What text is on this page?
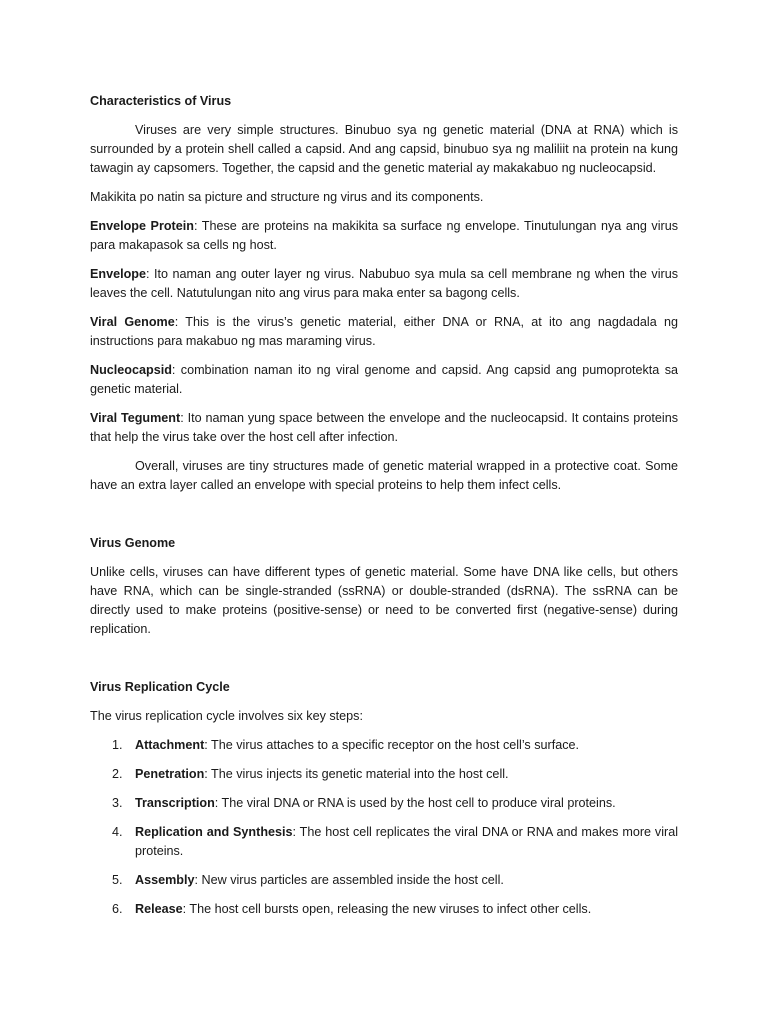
Characteristics of Virus

Viruses are very simple structures. Binubuo sya ng genetic material (DNA at RNA) which is surrounded by a protein shell called a capsid. And ang capsid, binubuo sya ng maliliit na protein na kung tawagin ay capsomers. Together, the capsid and the genetic material ay makakabuo ng nucleocapsid.

Makikita po natin sa picture and structure ng virus and its components.

Envelope Protein: These are proteins na makikita sa surface ng envelope. Tinutulungan nya ang virus para makapasok sa cells ng host.

Envelope: Ito naman ang outer layer ng virus. Nabubuo sya mula sa cell membrane ng when the virus leaves the cell. Natutulungan nito ang virus para maka enter sa bagong cells.

Viral Genome: This is the virus’s genetic material, either DNA or RNA, at ito ang nagdadala ng instructions para makabuo ng mas maraming virus.

Nucleocapsid: combination naman ito ng viral genome and capsid. Ang capsid ang pumoprotekta sa genetic material.

Viral Tegument: Ito naman yung space between the envelope and the nucleocapsid. It contains proteins that help the virus take over the host cell after infection.

Overall, viruses are tiny structures made of genetic material wrapped in a protective coat. Some have an extra layer called an envelope with special proteins to help them infect cells.

Virus Genome

Unlike cells, viruses can have different types of genetic material. Some have DNA like cells, but others have RNA, which can be single-stranded (ssRNA) or double-stranded (dsRNA). The ssRNA can be directly used to make proteins (positive-sense) or need to be converted first (negative-sense) during replication.

Virus Replication Cycle

The virus replication cycle involves six key steps:

1. Attachment: The virus attaches to a specific receptor on the host cell’s surface.
2. Penetration: The virus injects its genetic material into the host cell.
3. Transcription: The viral DNA or RNA is used by the host cell to produce viral proteins.
4. Replication and Synthesis: The host cell replicates the viral DNA or RNA and makes more viral proteins.
5. Assembly: New virus particles are assembled inside the host cell.
6. Release: The host cell bursts open, releasing the new viruses to infect other cells.
